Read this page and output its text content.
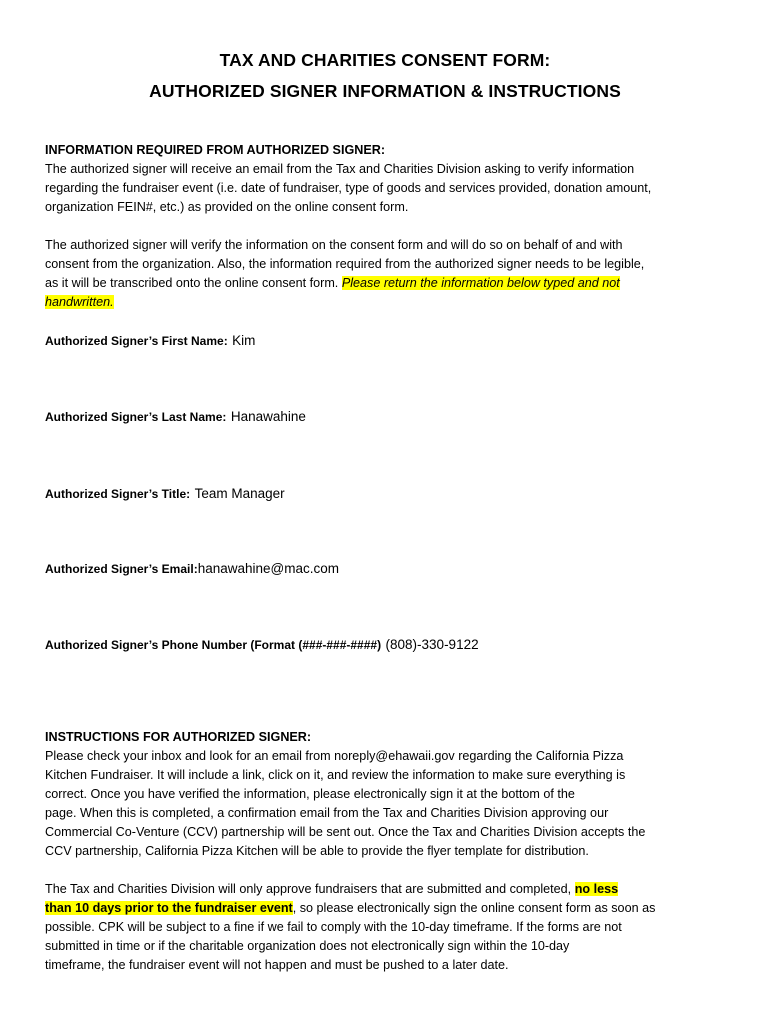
TAX AND CHARITIES CONSENT FORM:
AUTHORIZED SIGNER INFORMATION & INSTRUCTIONS
INFORMATION REQUIRED FROM AUTHORIZED SIGNER:
The authorized signer will receive an email from the Tax and Charities Division asking to verify information
regarding the fundraiser event (i.e. date of fundraiser, type of goods and services provided, donation amount,
organization FEIN#, etc.) as provided on the online consent form.
The authorized signer will verify the information on the consent form and will do so on behalf of and with
consent from the organization. Also, the information required from the authorized signer needs to be legible,
as it will be transcribed onto the online consent form. Please return the information below typed and not
handwritten.
Authorized Signer’s First Name: Kim
Authorized Signer’s Last Name: Hanawahine
Authorized Signer’s Title: Team Manager
Authorized Signer’s Email:hanawahine@mac.com
Authorized Signer’s Phone Number (Format (###-###-####) (808)-330-9122
INSTRUCTIONS FOR AUTHORIZED SIGNER:
Please check your inbox and look for an email from noreply@ehawaii.gov regarding the California Pizza
Kitchen Fundraiser. It will include a link, click on it, and review the information to make sure everything is
correct. Once you have verified the information, please electronically sign it at the bottom of the
page. When this is completed, a confirmation email from the Tax and Charities Division approving our
Commercial Co-Venture (CCV) partnership will be sent out. Once the Tax and Charities Division accepts the
CCV partnership, California Pizza Kitchen will be able to provide the flyer template for distribution.
The Tax and Charities Division will only approve fundraisers that are submitted and completed, no less
than 10 days prior to the fundraiser event, so please electronically sign the online consent form as soon as
possible. CPK will be subject to a fine if we fail to comply with the 10-day timeframe. If the forms are not
submitted in time or if the charitable organization does not electronically sign within the 10-day
timeframe, the fundraiser event will not happen and must be pushed to a later date.
